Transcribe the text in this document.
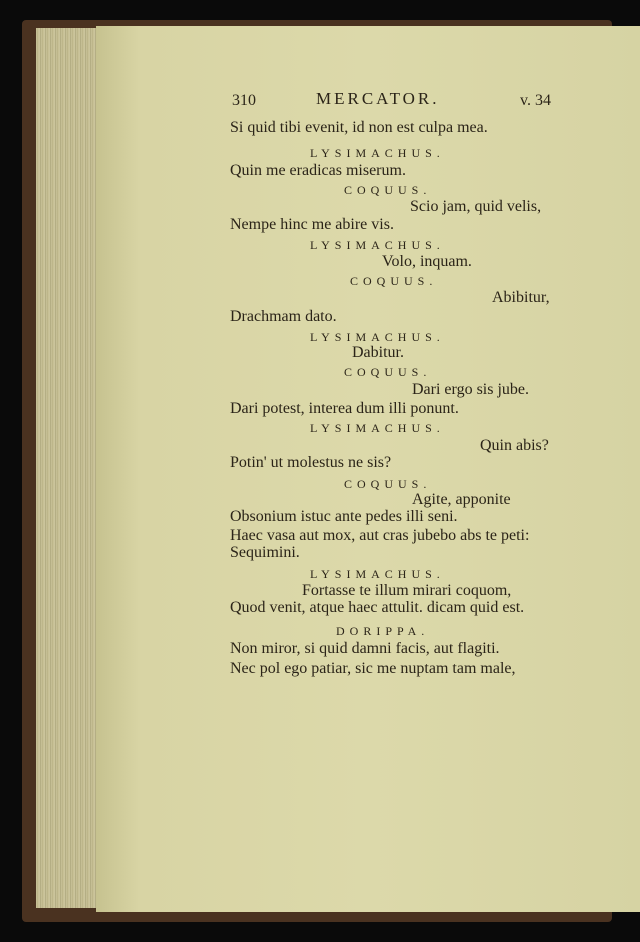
310	MERCATOR.	v. 34
Si quid tibi evenit, id non est culpa mea.
LYSIMACHUS.
Quin me eradicas miserum.
COQUUS.
Scio jam, quid velis,
Nempe hinc me abire vis.
LYSIMACHUS.
Volo, inquam.
COQUUS.
Abibitur,
Drachmam dato.
LYSIMACHUS.
Dabitur.
COQUUS.
Dari ergo sis jube.
Dari potest, interea dum illi ponunt.
LYSIMACHUS.
Quin abis?
Potin' ut molestus ne sis?
COQUUS.
Agite, apponite
Obsonium istuc ante pedes illi seni.
Haec vasa aut mox, aut cras jubebo abs te peti:
Sequimini.
LYSIMACHUS.
Fortasse te illum mirari coquom,
Quod venit, atque haec attulit. dicam quid est.
DORIPPA.
Non miror, si quid damni facis, aut flagiti.
Nec pol ego patiar, sic me nuptam tam male,
